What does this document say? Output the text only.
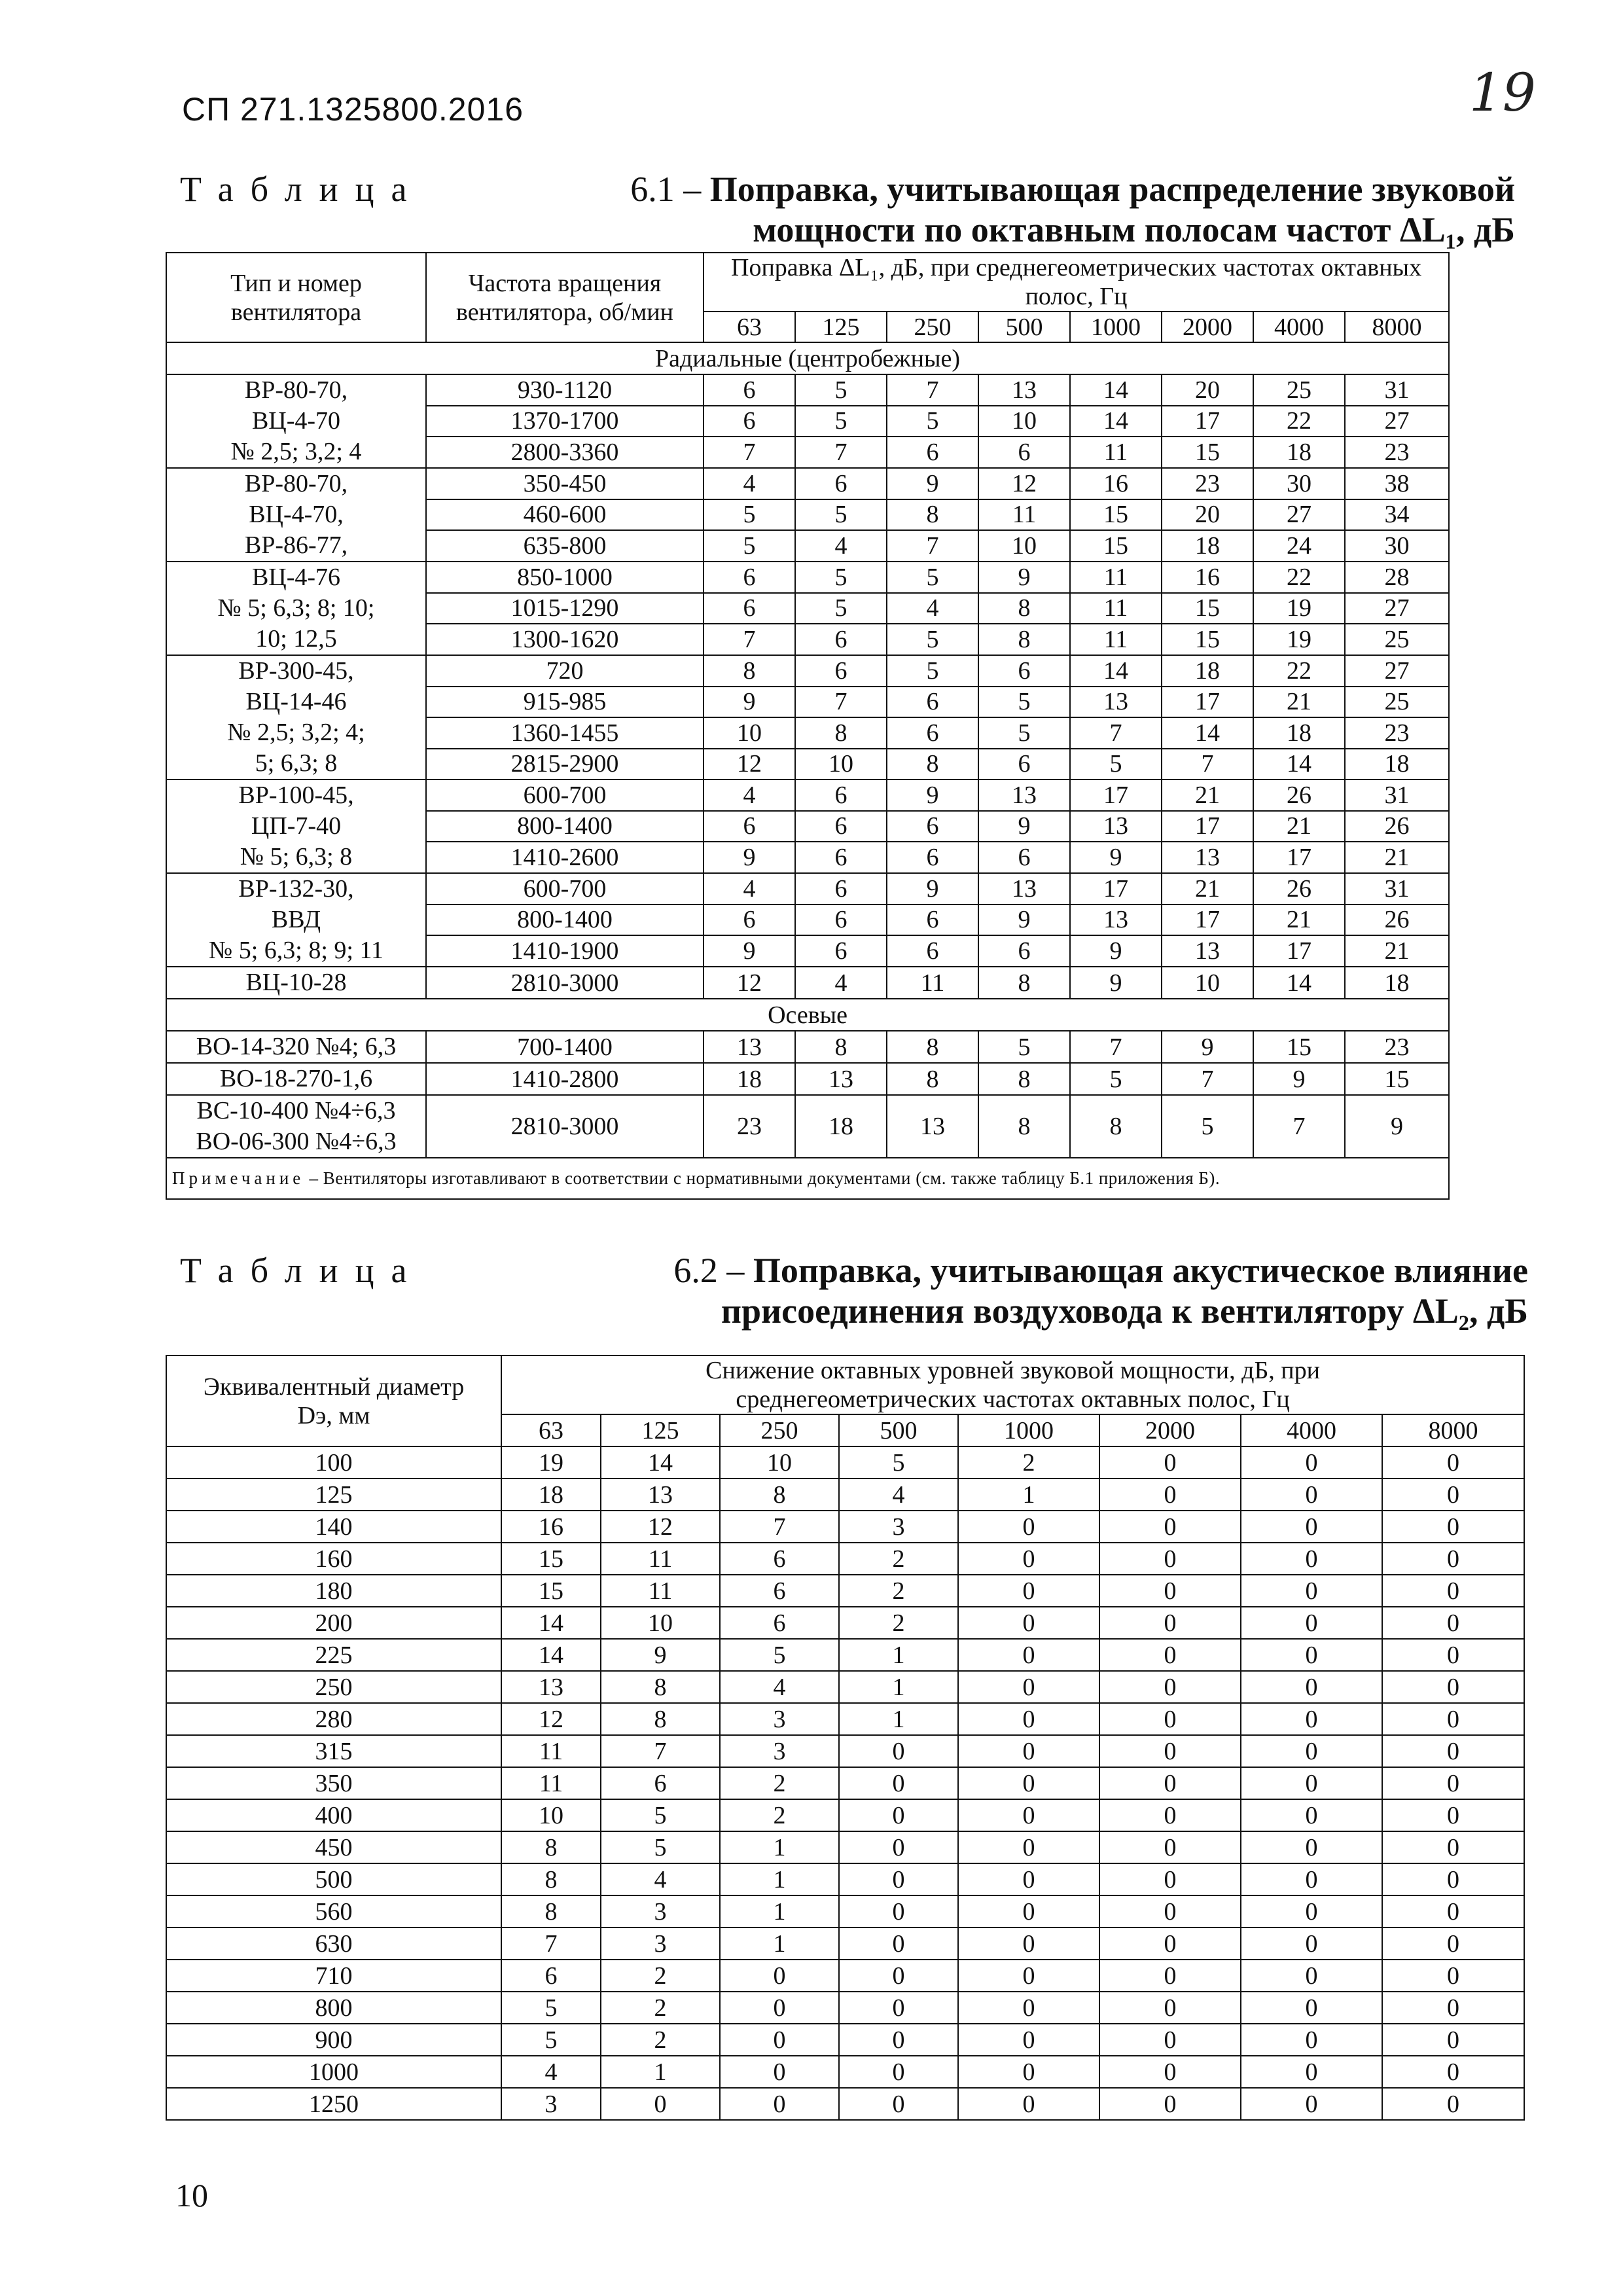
СП 271.1325800.2016	19
Таблица	6.1 – Поправка, учитывающая распределение звуковой
мощности по октавным полосам частот ΔL₁, дБ
Тип и номер вентилятора	Частота вращения вентилятора, об/мин	Поправка ΔL₁, дБ, при среднегеометрических частотах октавных полос, Гц							
		63	125	250	500	1000	2000	4000	8000
Радиальные (центробежные)									

ВР-80-70,
ВЦ-4-70
№ 2,5; 3,2; 4	930-1120	6	5	7	13	14	20	25	31
	1370-1700	6	5	5	10	14	17	22	27
	2800-3360	7	7	6	6	11	15	18	23

ВР-80-70,
ВЦ-4-70,
ВР-86-77,	350-450	4	6	9	12	16	23	30	38
	460-600	5	5	8	11	15	20	27	34
	635-800	5	4	7	10	15	18	24	30

ВЦ-4-76
№ 5; 6,3; 8; 10;
10; 12,5	850-1000	6	5	5	9	11	16	22	28
	1015-1290	6	5	4	8	11	15	19	27
	1300-1620	7	6	5	8	11	15	19	25

ВР-300-45,
ВЦ-14-46
№ 2,5; 3,2; 4;
5; 6,3; 8	720	8	6	5	6	14	18	22	27
	915-985	9	7	6	5	13	17	21	25
	1360-1455	10	8	6	5	7	14	18	23
	2815-2900	12	10	8	6	5	7	14	18

ВР-100-45,
ЦП-7-40
№ 5; 6,3; 8	600-700	4	6	9	13	17	21	26	31
	800-1400	6	6	6	9	13	17	21	26
	1410-2600	9	6	6	6	9	13	17	21

ВР-132-30,
ВВД
№ 5; 6,3; 8; 9; 11	600-700	4	6	9	13	17	21	26	31
	800-1400	6	6	6	9	13	17	21	26
	1410-1900	9	6	6	6	9	13	17	21

ВЦ-10-28	2810-3000	12	4	11	8	9	10	14	18
Осевые									

ВО-14-320 №4; 6,3	700-1400	13	8	8	5	7	9	15	23

ВО-18-270-1,6	1410-2800	18	13	8	8	5	7	9	15

ВС-10-400 №4÷6,3
ВО-06-300 №4÷6,3	2810-3000	23	18	13	8	8	5	7	9
Примечание – Вентиляторы изготавливают в соответствии с нормативными документами (см. также таблицу Б.1 приложения Б).									
Таблица	6.2 – Поправка, учитывающая акустическое влияние
присоединения воздуховода к вентилятору ΔL₂, дБ
Эквивалентный диаметр Dэ, мм	Снижение октавных уровней звуковой мощности, дБ, при среднегеометрических частотах октавных полос, Гц							
	63	125	250	500	1000	2000	4000	8000
100	19	14	10	5	2	0	0	0
125	18	13	8	4	1	0	0	0
140	16	12	7	3	0	0	0	0
160	15	11	6	2	0	0	0	0
180	15	11	6	2	0	0	0	0
200	14	10	6	2	0	0	0	0
225	14	9	5	1	0	0	0	0
250	13	8	4	1	0	0	0	0
280	12	8	3	1	0	0	0	0
315	11	7	3	0	0	0	0	0
350	11	6	2	0	0	0	0	0
400	10	5	2	0	0	0	0	0
450	8	5	1	0	0	0	0	0
500	8	4	1	0	0	0	0	0
560	8	3	1	0	0	0	0	0
630	7	3	1	0	0	0	0	0
710	6	2	0	0	0	0	0	0
800	5	2	0	0	0	0	0	0
900	5	2	0	0	0	0	0	0
1000	4	1	0	0	0	0	0	0
1250	3	0	0	0	0	0	0	0
10
